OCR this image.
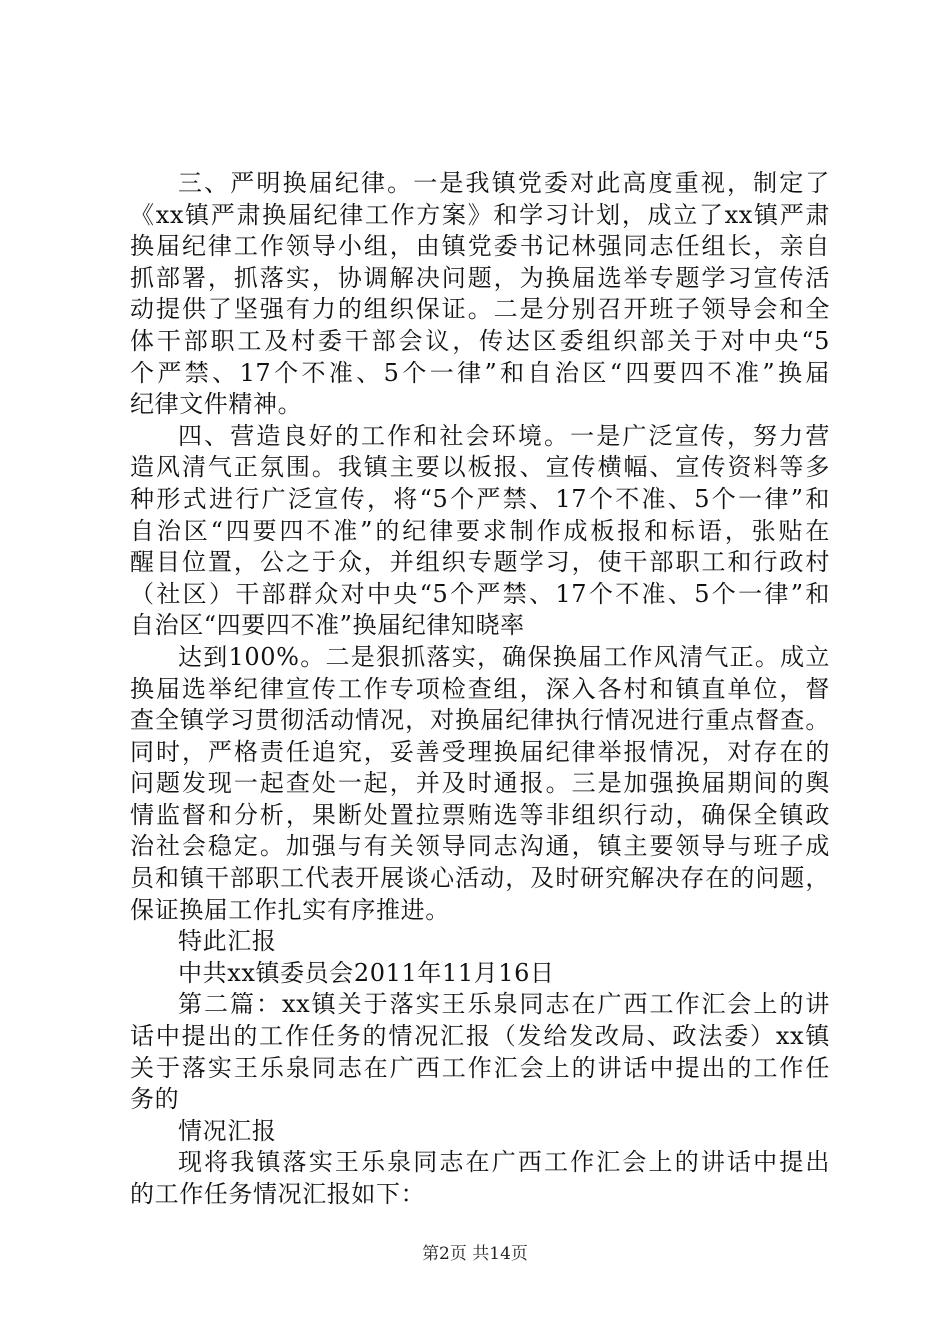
三、严明换届纪律。一是我镇党委对此高度重视，制定了
《xx镇严肃换届纪律工作方案》和学习计划，成立了xx镇严肃
换届纪律工作领导小组，由镇党委书记林强同志任组长，亲自
抓部署，抓落实，协调解决问题，为换届选举专题学习宣传活
动提供了坚强有力的组织保证。二是分别召开班子领导会和全
体干部职工及村委干部会议，传达区委组织部关于对中央“5
个严禁、17个不准、5个一律”和自治区“四要四不准”换届
纪律文件精神。
四、营造良好的工作和社会环境。一是广泛宣传，努力营
造风清气正氛围。我镇主要以板报、宣传横幅、宣传资料等多
种形式进行广泛宣传，将“5个严禁、17个不准、5个一律”和
自治区“四要四不准”的纪律要求制作成板报和标语，张贴在
醒目位置，公之于众，并组织专题学习，使干部职工和行政村
（社区）干部群众对中央“5个严禁、17个不准、5个一律”和
自治区“四要四不准”换届纪律知晓率
达到100%。二是狠抓落实，确保换届工作风清气正。成立
换届选举纪律宣传工作专项检查组，深入各村和镇直单位，督
查全镇学习贯彻活动情况，对换届纪律执行情况进行重点督查。
同时，严格责任追究，妥善受理换届纪律举报情况，对存在的
问题发现一起查处一起，并及时通报。三是加强换届期间的舆
情监督和分析，果断处置拉票贿选等非组织行动，确保全镇政
治社会稳定。加强与有关领导同志沟通，镇主要领导与班子成
员和镇干部职工代表开展谈心活动，及时研究解决存在的问题，
保证换届工作扎实有序推进。
特此汇报
中共xx镇委员会2011年11月16日
第二篇：xx镇关于落实王乐泉同志在广西工作汇会上的讲
话中提出的工作任务的情况汇报（发给发改局、政法委）xx镇
关于落实王乐泉同志在广西工作汇会上的讲话中提出的工作任
务的
情况汇报
现将我镇落实王乐泉同志在广西工作汇会上的讲话中提出
的工作任务情况汇报如下：
第2页 共14页
